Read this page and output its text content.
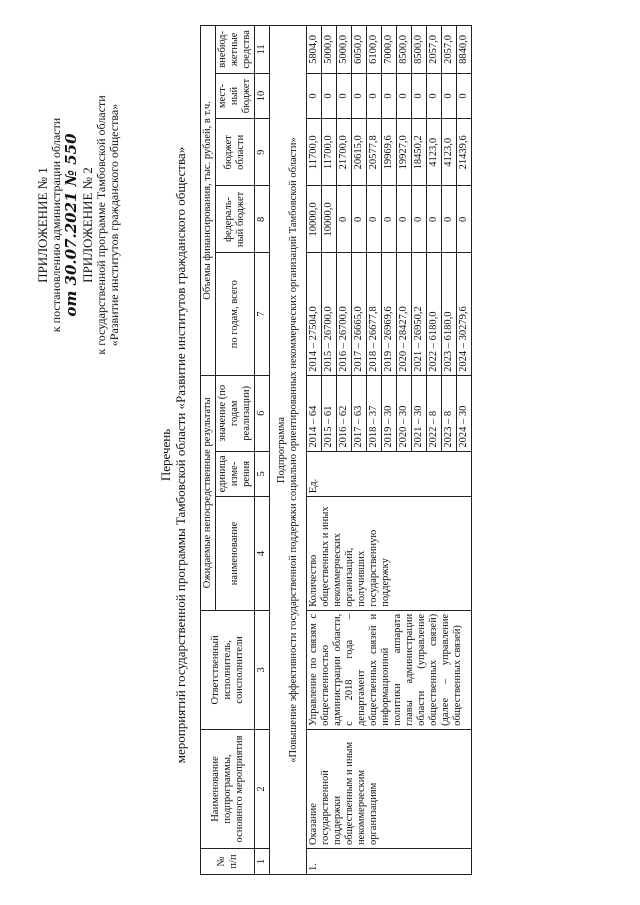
ПРИЛОЖЕНИЕ № 1 к постановлению администрации области от 30.07.2021 № 550 ПРИЛОЖЕНИЕ № 2 к государственной программе Тамбовской области «Развитие институтов гражданского общества»
Перечень мероприятий государственной программы Тамбовской области «Развитие институтов гражданского общества»
№ п/п	Наименование подпрограммы, основного мероприятия	Ответственный исполнитель, соисполнители	Ожидаемые непосредственные результаты			Объемы финансирования, тыс. рублей, в т.ч.				
			наименование	единица изме-рения	значение (по годам реализации)	по годам, всего	федераль-ный бюджет	бюджет области	мест-ный бюджет	внебюд-жетные средства
1	2	3	4	5	6	7	8	9	10	11

Подпрограмма «Повышение эффективности государственной поддержки социально ориентированных некоммерческих организаций Тамбовской области»										

1.	Оказание государственной поддержки общественным и иным некоммерческим организациям	Управление по связям с общественностью администрации области, с 2018 года – департамент общественных связей и информационной политики аппарата главы администрации области (управление общественных связей) (далее – управление общественных связей)	Количество общественных и иных некоммерческих организаций, получивших государственную поддержку	Ед.	2014 – 64	2014 – 27504,0	10000,0	11700,0	0	5804,0
					2015 – 61	2015 – 26700,0	10000,0	11700,0	0	5000,0
					2016 – 62	2016 – 26700,0	0	21700,0	0	5000,0
					2017 – 63	2017 – 26665,0	0	20615,0	0	6050,0
					2018 – 37	2018 – 26677,8	0	20577,8	0	6100,0
					2019 – 30	2019 – 26969,6	0	19969,6	0	7000,0
					2020 – 30	2020 – 28427,0	0	19927,0	0	8500,0
					2021 – 30	2021 – 26950,2	0	18450,2	0	8500,0
					2022 – 8	2022 – 6180,0	0	4123,0	0	2057,0
					2023 – 8	2023 – 6180,0	0	4123,0	0	2057,0
					2024 – 30	2024 – 30279,6	0	21439,6	0	8840,0
